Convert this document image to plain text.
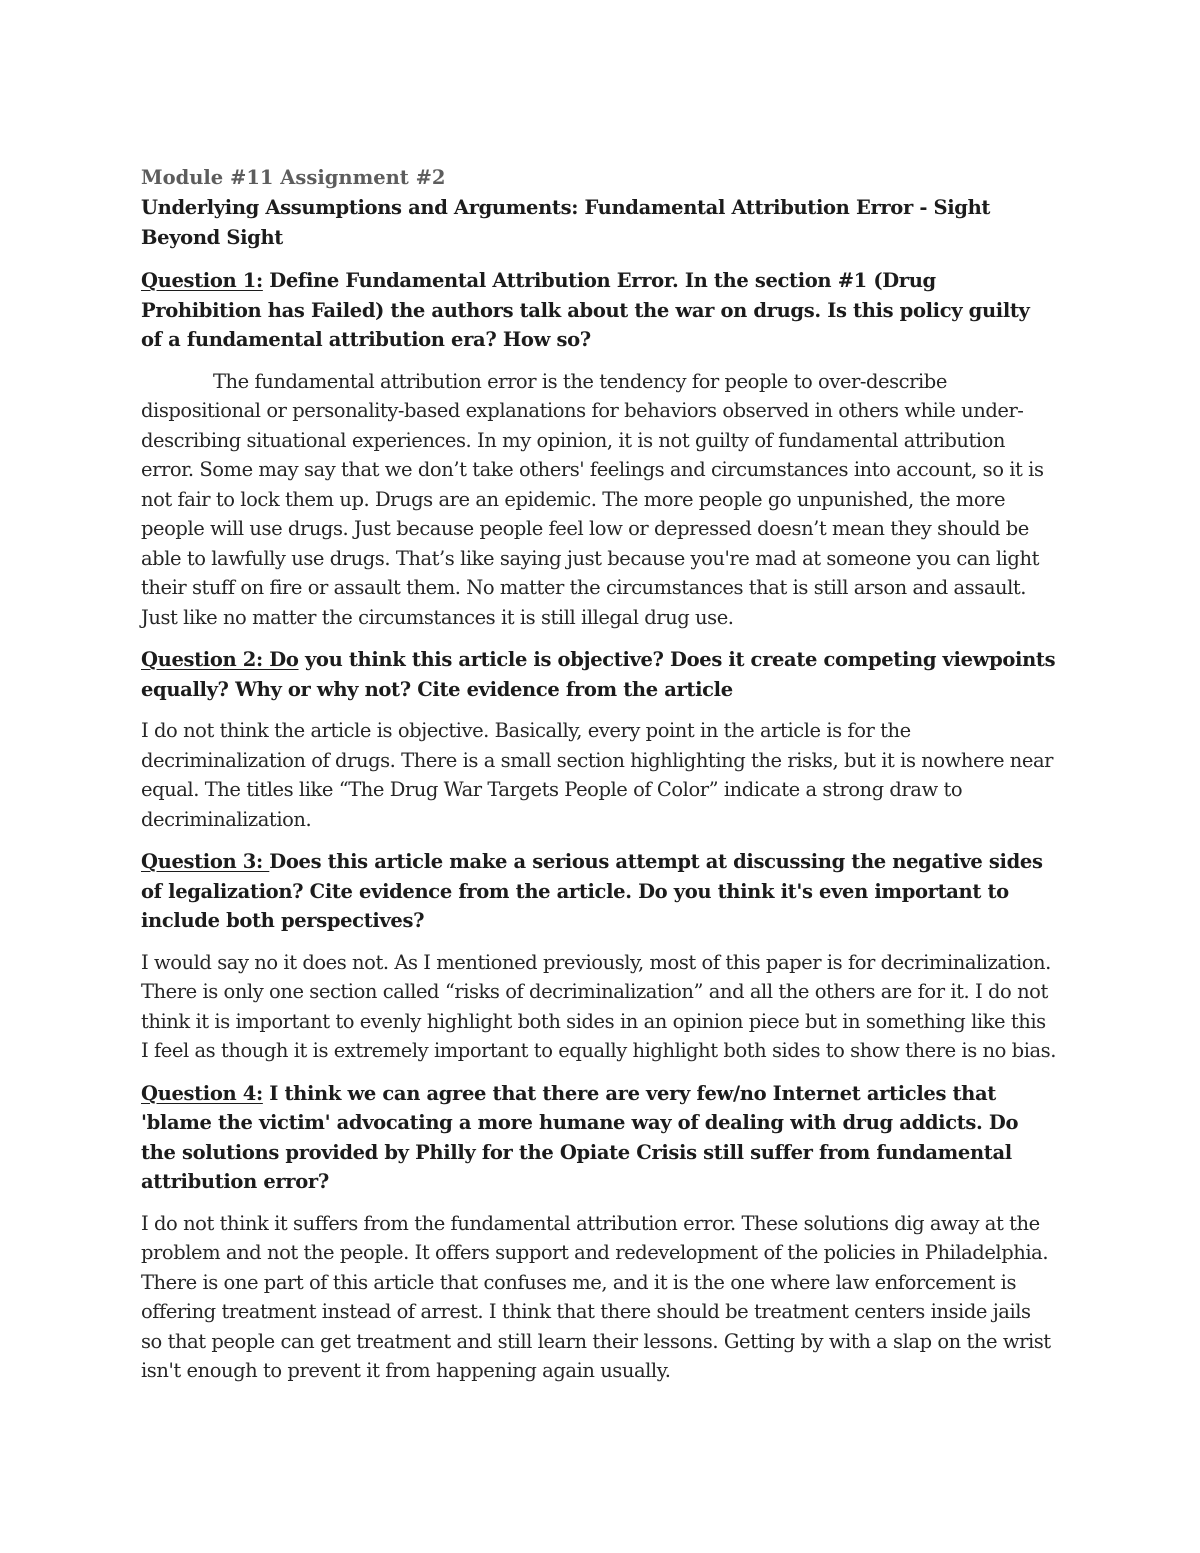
Module #11 Assignment #2
Underlying Assumptions and Arguments: Fundamental Attribution Error - Sight Beyond Sight
Question 1: Define Fundamental Attribution Error. In the section #1 (Drug Prohibition has Failed) the authors talk about the war on drugs. Is this policy guilty of a fundamental attribution era? How so?
The fundamental attribution error is the tendency for people to over-describe dispositional or personality-based explanations for behaviors observed in others while under-describing situational experiences. In my opinion, it is not guilty of fundamental attribution error. Some may say that we don’t take others' feelings and circumstances into account, so it is not fair to lock them up. Drugs are an epidemic. The more people go unpunished, the more people will use drugs. Just because people feel low or depressed doesn’t mean they should be able to lawfully use drugs. That’s like saying just because you're mad at someone you can light their stuff on fire or assault them. No matter the circumstances that is still arson and assault. Just like no matter the circumstances it is still illegal drug use.
Question 2: Do you think this article is objective? Does it create competing viewpoints equally? Why or why not? Cite evidence from the article
I do not think the article is objective. Basically, every point in the article is for the decriminalization of drugs. There is a small section highlighting the risks, but it is nowhere near equal. The titles like “The Drug War Targets People of Color” indicate a strong draw to decriminalization.
Question 3: Does this article make a serious attempt at discussing the negative sides of legalization? Cite evidence from the article. Do you think it's even important to include both perspectives?
I would say no it does not. As I mentioned previously, most of this paper is for decriminalization. There is only one section called “risks of decriminalization” and all the others are for it. I do not think it is important to evenly highlight both sides in an opinion piece but in something like this I feel as though it is extremely important to equally highlight both sides to show there is no bias.
Question 4: I think we can agree that there are very few/no Internet articles that 'blame the victim' advocating a more humane way of dealing with drug addicts. Do the solutions provided by Philly for the Opiate Crisis still suffer from fundamental attribution error?
I do not think it suffers from the fundamental attribution error. These solutions dig away at the problem and not the people. It offers support and redevelopment of the policies in Philadelphia. There is one part of this article that confuses me, and it is the one where law enforcement is offering treatment instead of arrest. I think that there should be treatment centers inside jails so that people can get treatment and still learn their lessons. Getting by with a slap on the wrist isn't enough to prevent it from happening again usually.
